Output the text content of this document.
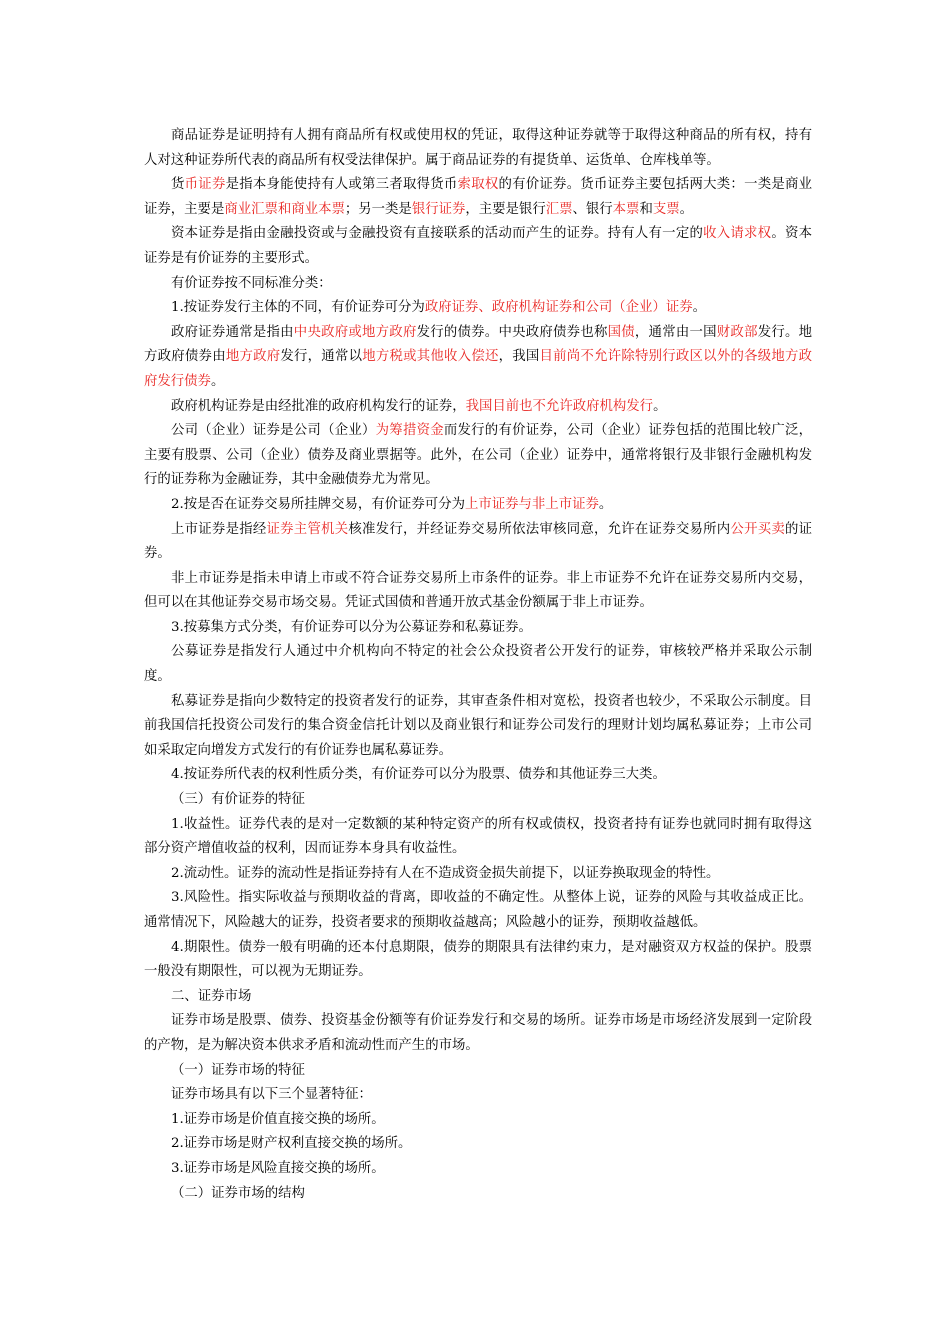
商品证券是证明持有人拥有商品所有权或使用权的凭证，取得这种证券就等于取得这种商品的所有权，持有人对这种证券所代表的商品所有权受法律保护。属于商品证券的有提货单、运货单、仓库栈单等。

货币证券是指本身能使持有人或第三者取得货币索取权的有价证券。货币证券主要包括两大类：一类是商业证券，主要是商业汇票和商业本票；另一类是银行证券，主要是银行汇票、银行本票和支票。

资本证券是指由金融投资或与金融投资有直接联系的活动而产生的证券。持有人有一定的收入请求权。资本证券是有价证券的主要形式。

有价证券按不同标准分类：

1.按证券发行主体的不同，有价证券可分为政府证券、政府机构证券和公司（企业）证券。

政府证券通常是指由中央政府或地方政府发行的债券。中央政府债券也称国债，通常由一国财政部发行。地方政府债券由地方政府发行，通常以地方税或其他收入偿还，我国目前尚不允许除特别行政区以外的各级地方政府发行债券。

政府机构证券是由经批准的政府机构发行的证券，我国目前也不允许政府机构发行。

公司（企业）证券是公司（企业）为筹措资金而发行的有价证券，公司（企业）证券包括的范围比较广泛，主要有股票、公司（企业）债券及商业票据等。此外，在公司（企业）证券中，通常将银行及非银行金融机构发行的证券称为金融证券，其中金融债券尤为常见。

2.按是否在证券交易所挂牌交易，有价证券可分为上市证券与非上市证券。

上市证券是指经证券主管机关核准发行，并经证券交易所依法审核同意，允许在证券交易所内公开买卖的证券。

非上市证券是指未申请上市或不符合证券交易所上市条件的证券。非上市证券不允许在证券交易所内交易，但可以在其他证券交易市场交易。凭证式国债和普通开放式基金份额属于非上市证券。

3.按募集方式分类，有价证券可以分为公募证券和私募证券。

公募证券是指发行人通过中介机构向不特定的社会公众投资者公开发行的证券，审核较严格并采取公示制度。

私募证券是指向少数特定的投资者发行的证券，其审查条件相对宽松，投资者也较少，不采取公示制度。目前我国信托投资公司发行的集合资金信托计划以及商业银行和证券公司发行的理财计划均属私募证券；上市公司如采取定向增发方式发行的有价证券也属私募证券。

4.按证券所代表的权利性质分类，有价证券可以分为股票、债券和其他证券三大类。

（三）有价证券的特征

1.收益性。证券代表的是对一定数额的某种特定资产的所有权或债权，投资者持有证券也就同时拥有取得这部分资产增值收益的权利，因而证券本身具有收益性。

2.流动性。证券的流动性是指证券持有人在不造成资金损失前提下，以证券换取现金的特性。

3.风险性。指实际收益与预期收益的背离，即收益的不确定性。从整体上说，证券的风险与其收益成正比。通常情况下，风险越大的证券，投资者要求的预期收益越高；风险越小的证券，预期收益越低。

4.期限性。债券一般有明确的还本付息期限，债券的期限具有法律约束力，是对融资双方权益的保护。股票一般没有期限性，可以视为无期证券。

二、证券市场

证券市场是股票、债券、投资基金份额等有价证券发行和交易的场所。证券市场是市场经济发展到一定阶段的产物，是为解决资本供求矛盾和流动性而产生的市场。

（一）证券市场的特征

证券市场具有以下三个显著特征：

1.证券市场是价值直接交换的场所。

2.证券市场是财产权利直接交换的场所。

3.证券市场是风险直接交换的场所。

（二）证券市场的结构
